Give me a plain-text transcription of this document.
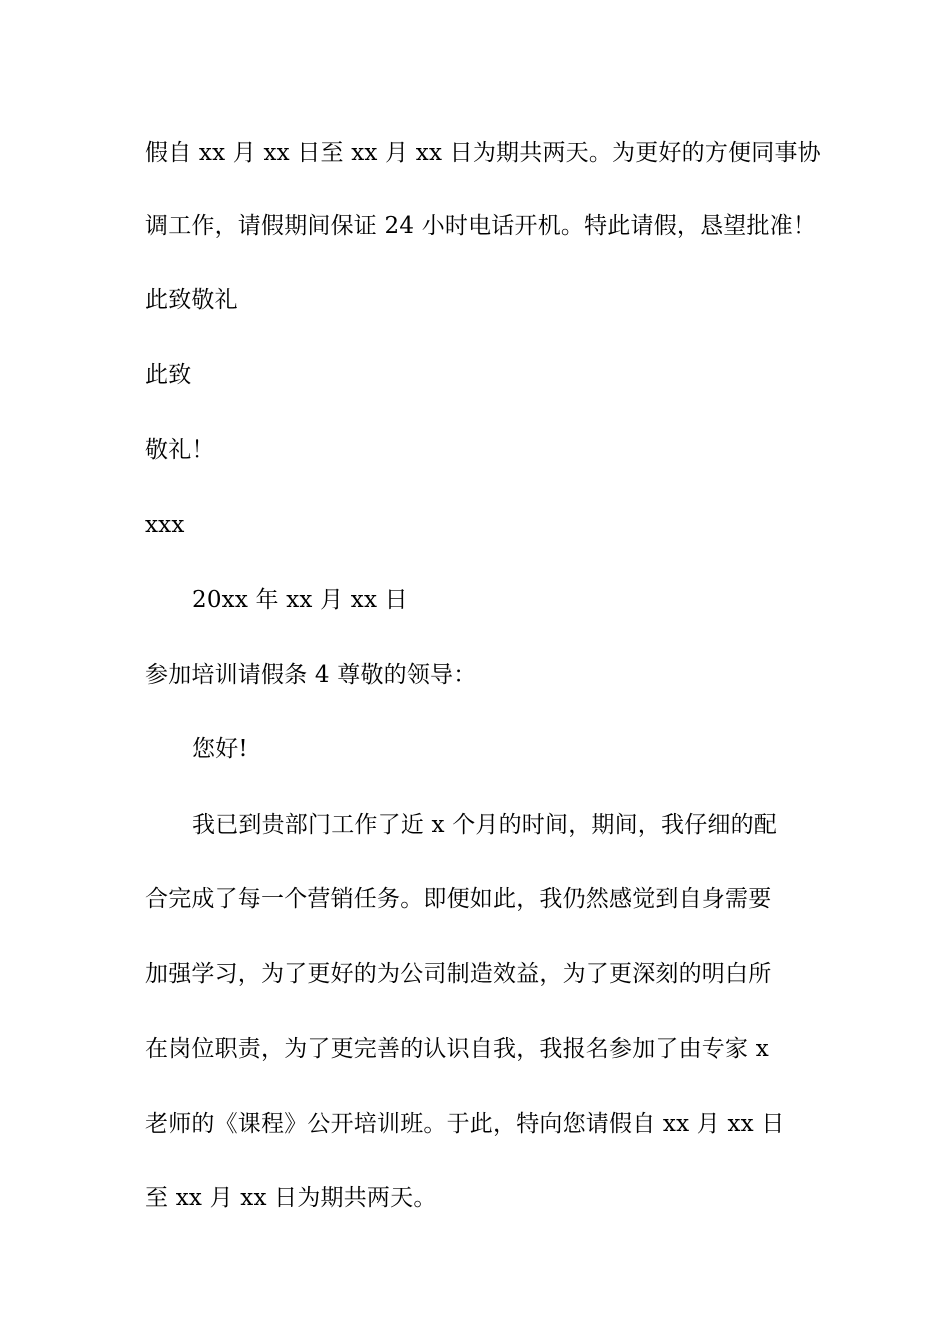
假自 xx 月 xx 日至 xx 月 xx 日为期共两天。为更好的方便同事协
调工作，请假期间保证 24 小时电话开机。特此请假，恳望批准！
此致敬礼
此致
敬礼！
xxx
20xx 年 xx 月 xx 日
参加培训请假条 4 尊敬的领导：
您好!
我已到贵部门工作了近 x 个月的时间，期间，我仔细的配
合完成了每一个营销任务。即便如此，我仍然感觉到自身需要
加强学习，为了更好的为公司制造效益，为了更深刻的明白所
在岗位职责，为了更完善的认识自我，我报名参加了由专家 x
老师的《课程》公开培训班。于此，特向您请假自 xx 月 xx 日
至 xx 月 xx 日为期共两天。
